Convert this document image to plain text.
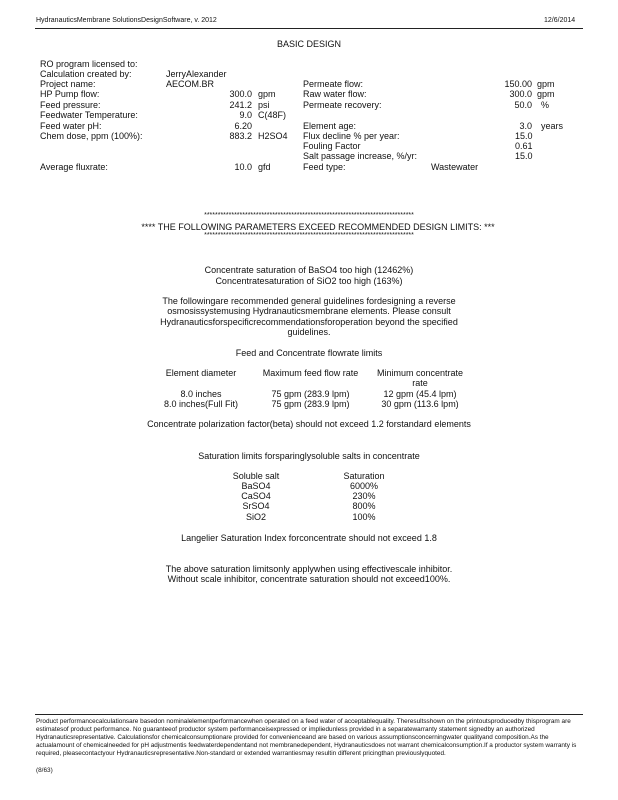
HydranauticsMembrane SolutionsDesignSoftware, v. 2012	12/6/2014
BASIC DESIGN
RO program licensed to:
Calculation created by:	JerryAlexander
Project name:	AECOM.BR
HP Pump flow:	300.0 gpm
Feed pressure:	241.2 psi
Feedwater Temperature:	9.0 C(48F)
Feed water pH:	6.20
Chem dose, ppm (100%):	883.2 H2SO4
Average fluxrate:	10.0 gfd
Permeate flow:	150.00 gpm
Raw water flow:	300.0 gpm
Permeate recovery:	50.0 %
Element age:	3.0 years
Flux decline % per year:	15.0
Fouling Factor	0.61
Salt passage increase, %/yr:	15.0
Feed type:	Wastewater
*****************************************************************************
**** THE FOLLOWING PARAMETERS EXCEED RECOMMENDED DESIGN LIMITS: ***
*****************************************************************************
Concentrate saturation of BaSO4 too high (12462%)
Concentratesaturation of SiO2 too high (163%)
The followingare recommended general guidelines fordesigning a reverse
osmosissystemusing Hydranauticsmembrane elements. Please consult
Hydranauticsforspecificrecommendationsforoperation beyond the specified
guidelines.
Feed and Concentrate flowrate limits
Element diameter	Maximum feed flow rate	Minimum concentrate
rate
8.0 inches	75 gpm (283.9 lpm)	12 gpm (45.4 lpm)
8.0 inches(Full Fit)	75 gpm (283.9 lpm)	30 gpm (113.6 lpm)
Concentrate polarization factor(beta) should not exceed 1.2 forstandard elements
Saturation limits forsparinglysoluble salts in concentrate
Soluble salt	Saturation
BaSO4	6000%
CaSO4	230%
SrSO4	800%
SiO2	100%
Langelier Saturation Index forconcentrate should not exceed 1.8
The above saturation limitsonly applywhen using effectivescale inhibitor.
Without scale inhibitor, concentrate saturation should not exceed100%.
Product performancecalculationsare basedon nominalelementperformancewhen operated on a feed water of acceptablequality. Theresultsshown on the printoutsproducedby thisprogram are estimatesof product performance. No guaranteeof productor system performanceisexpressed or impliedunless provided in a separatewarranty statement signedby an authorized Hydranauticsrepresentative. Calculationsfor chemicalconsumptionare provided for convenienceand are based on various assumptionsconcerningwater qualityand composition.As the actualamount of chemicalneeded for pH adjustmentis feedwaterdependentand not membranedependent, Hydranauticsdoes not warrant chemicalconsumption.If a productor system warranty is required, pleasecontactyour Hydranauticsrepresentative.Non-standard or extended warrantiesmay resultin different pricingthan previouslyquoted.
(8/63)
